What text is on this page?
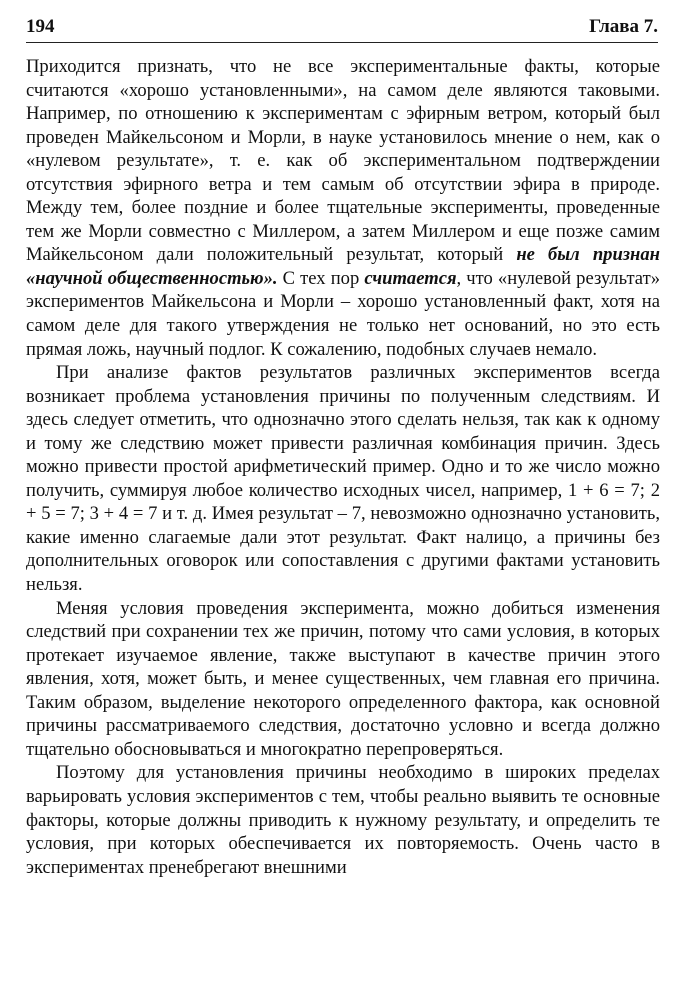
194	Глава 7.

Приходится признать, что не все экспериментальные факты, которые считаются «хорошо установленными», на самом деле являются таковыми. Например, по отношению к экспериментам с эфирным ветром, который был проведен Майкельсоном и Морли, в науке установилось мнение о нем, как о «нулевом результате», т. е. как об экспериментальном подтверждении отсутствия эфирного ветра и тем самым об отсутствии эфира в природе. Между тем, более поздние и более тщательные эксперименты, проведенные тем же Морли совместно с Миллером, а затем Миллером и еще позже самим Майкельсоном дали положительный результат, который не был признан «научной общественностью». С тех пор считается, что «нулевой результат» экспериментов Майкельсона и Морли – хорошо установленный факт, хотя на самом деле для такого утверждения не только нет оснований, но это есть прямая ложь, научный подлог. К сожалению, подобных случаев немало.

При анализе фактов результатов различных экспериментов всегда возникает проблема установления причины по полученным следствиям. И здесь следует отметить, что однозначно этого сделать нельзя, так как к одному и тому же следствию может привести различная комбинация причин. Здесь можно привести простой арифметический пример. Одно и то же число можно получить, суммируя любое количество исходных чисел, например, 1 + 6 = 7; 2 + 5 = 7; 3 + 4 = 7 и т. д. Имея результат – 7, невозможно однозначно установить, какие именно слагаемые дали этот результат. Факт налицо, а причины без дополнительных оговорок или сопоставления с другими фактами установить нельзя.

Меняя условия проведения эксперимента, можно добиться изменения следствий при сохранении тех же причин, потому что сами условия, в которых протекает изучаемое явление, также выступают в качестве причин этого явления, хотя, может быть, и менее существенных, чем главная его причина. Таким образом, выделение некоторого определенного фактора, как основной причины рассматриваемого следствия, достаточно условно и всегда должно тщательно обосновываться и многократно перепроверяться.

Поэтому для установления причины необходимо в широких пределах варьировать условия экспериментов с тем, чтобы реально выявить те основные факторы, которые должны приводить к нужному результату, и определить те условия, при которых обеспечивается их повторяемость. Очень часто в экспериментах пренебрегают внешними
